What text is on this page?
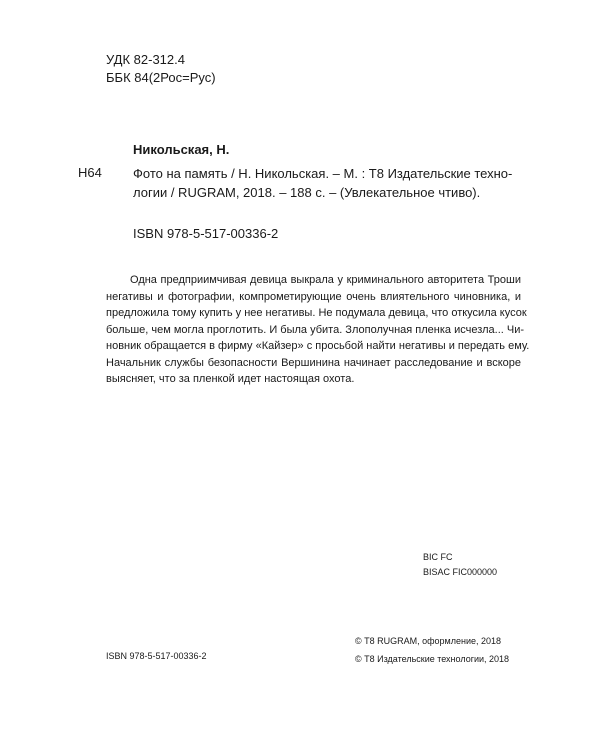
УДК 82-312.4
ББК 84(2Рос=Рус)
Никольская, Н.
Н64 Фото на память / Н. Никольская. – М. : Т8 Издательские техно-
логии / RUGRAM, 2018. – 188 с. – (Увлекательное чтиво).
ISBN 978-5-517-00336-2
Одна предприимчивая девица выкрала у криминального авторитета Троши
негативы и фотографии, компрометирующие очень влиятельного чиновника, и
предложила тому купить у нее негативы. Не подумала девица, что откусила кусок
больше, чем могла проглотить. И была убита. Злополучная пленка исчезла... Чи-
новник обращается в фирму «Кайзер» с просьбой найти негативы и передать ему.
Начальник службы безопасности Вершинина начинает расследование и вскоре
выясняет, что за пленкой идет настоящая охота.
BIC FC
BISAC FIC000000
ISBN 978-5-517-00336-2
© Т8 RUGRAM, оформление, 2018
© Т8 Издательские технологии, 2018
